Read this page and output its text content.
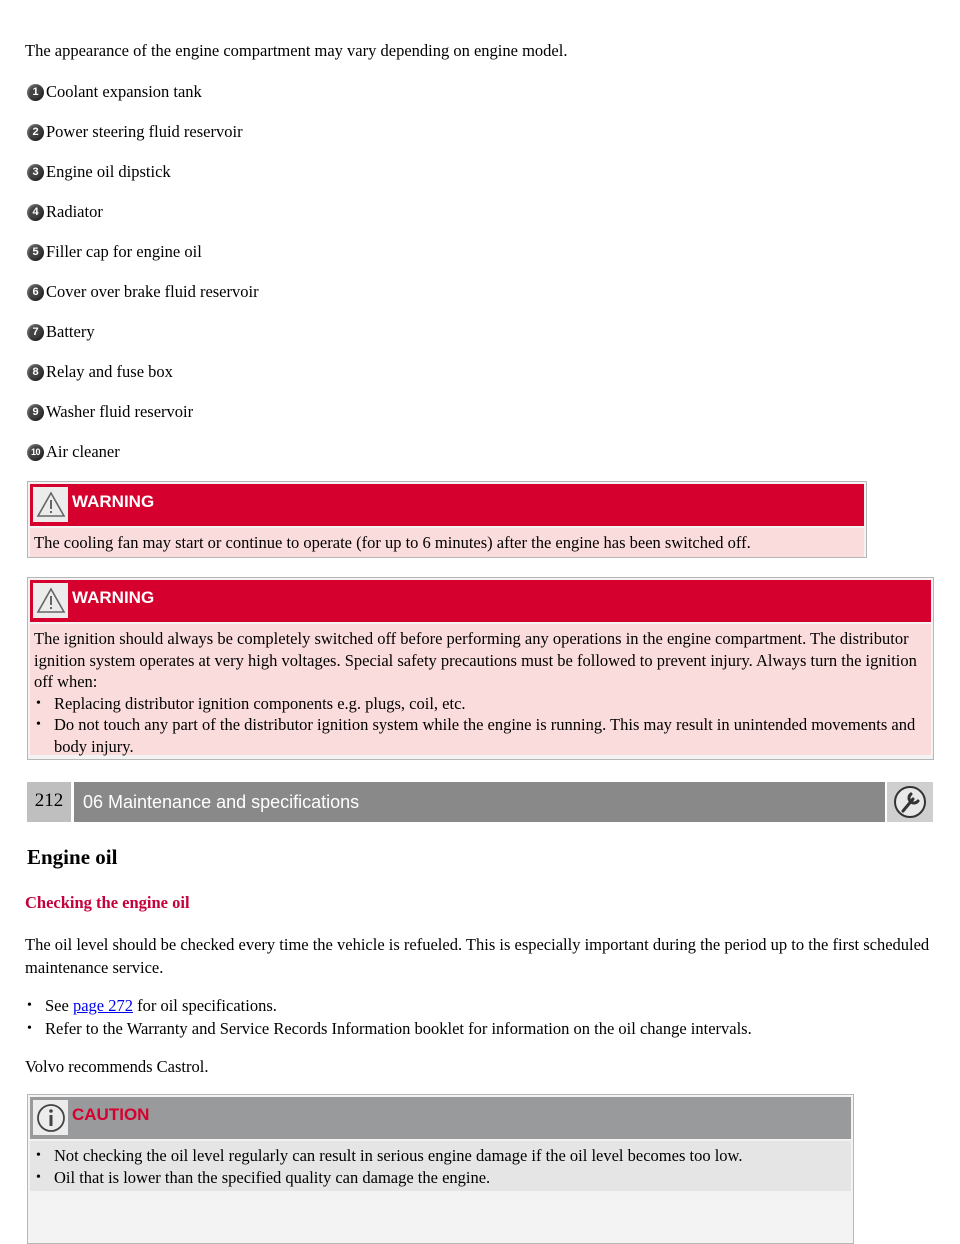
The appearance of the engine compartment may vary depending on engine model.

1 Coolant expansion tank
2 Power steering fluid reservoir
3 Engine oil dipstick
4 Radiator
5 Filler cap for engine oil
6 Cover over brake fluid reservoir
7 Battery
8 Relay and fuse box
9 Washer fluid reservoir
10 Air cleaner
WARNING
The cooling fan may start or continue to operate (for up to 6 minutes) after the engine has been switched off.
WARNING
The ignition should always be completely switched off before performing any operations in the engine compartment. The distributor ignition system operates at very high voltages. Special safety precautions must be followed to prevent injury. Always turn the ignition off when:
• Replacing distributor ignition components e.g. plugs, coil, etc.
• Do not touch any part of the distributor ignition system while the engine is running. This may result in unintended movements and body injury.
212	06 Maintenance and specifications
Engine oil
Checking the engine oil

The oil level should be checked every time the vehicle is refueled. This is especially important during the period up to the first scheduled maintenance service.

• See page 272 for oil specifications.
• Refer to the Warranty and Service Records Information booklet for information on the oil change intervals.

Volvo recommends Castrol.

CAUTION
• Not checking the oil level regularly can result in serious engine damage if the oil level becomes too low.
• Oil that is lower than the specified quality can damage the engine.
